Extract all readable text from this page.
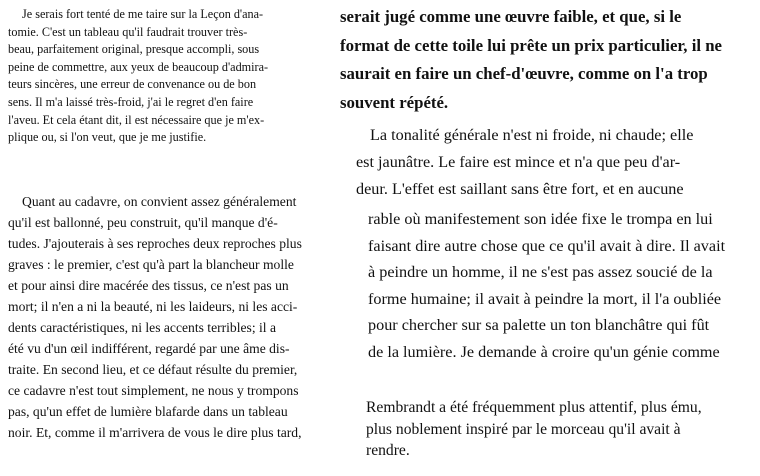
Je serais fort tenté de me taire sur la Leçon d'ana-
tomie. C'est un tableau qu'il faudrait trouver très-
beau, parfaitement original, presque accompli, sous
peine de commettre, aux yeux de beaucoup d'admira-
teurs sincères, une erreur de convenance ou de bon
sens. Il m'a laissé très-froid, j'ai le regret d'en faire
l'aveu. Et cela étant dit, il est nécessaire que je m'ex-
plique ou, si l'on veut, que je me justifie.
Quant au cadavre, on convient assez généralement
qu'il est ballonné, peu construit, qu'il manque d'é-
tudes. J'ajouterais à ses reproches deux reproches plus
graves : le premier, c'est qu'à part la blancheur molle
et pour ainsi dire macérée des tissus, ce n'est pas un
mort; il n'en a ni la beauté, ni les laideurs, ni les acci-
dents caractéristiques, ni les accents terribles; il a
été vu d'un œil indifférent, regardé par une âme dis-
traite. En second lieu, et ce défaut résulte du premier,
ce cadavre n'est tout simplement, ne nous y trompons
pas, qu'un effet de lumière blafarde dans un tableau
noir. Et, comme il m'arrivera de vous le dire plus tard,
serait jugé comme une œuvre faible, et que, si le
format de cette toile lui prête un prix particulier, il ne
saurait en faire un chef-d'œuvre, comme on l'a trop
souvent répété.
La tonalité générale n'est ni froide, ni chaude; elle
est jaunâtre. Le faire est mince et n'a que peu d'ar-
deur. L'effet est saillant sans être fort, et en aucune
rable où manifestement son idée fixe le trompa en lui
faisant dire autre chose que ce qu'il avait à dire. Il avait
à peindre un homme, il ne s'est pas assez soucié de la
forme humaine; il avait à peindre la mort, il l'a oubliée
pour chercher sur sa palette un ton blanchâtre qui fût
de la lumière. Je demande à croire qu'un génie comme
Rembrandt a été fréquemment plus attentif, plus ému,
plus noblement inspiré par le morceau qu'il avait à
rendre.
